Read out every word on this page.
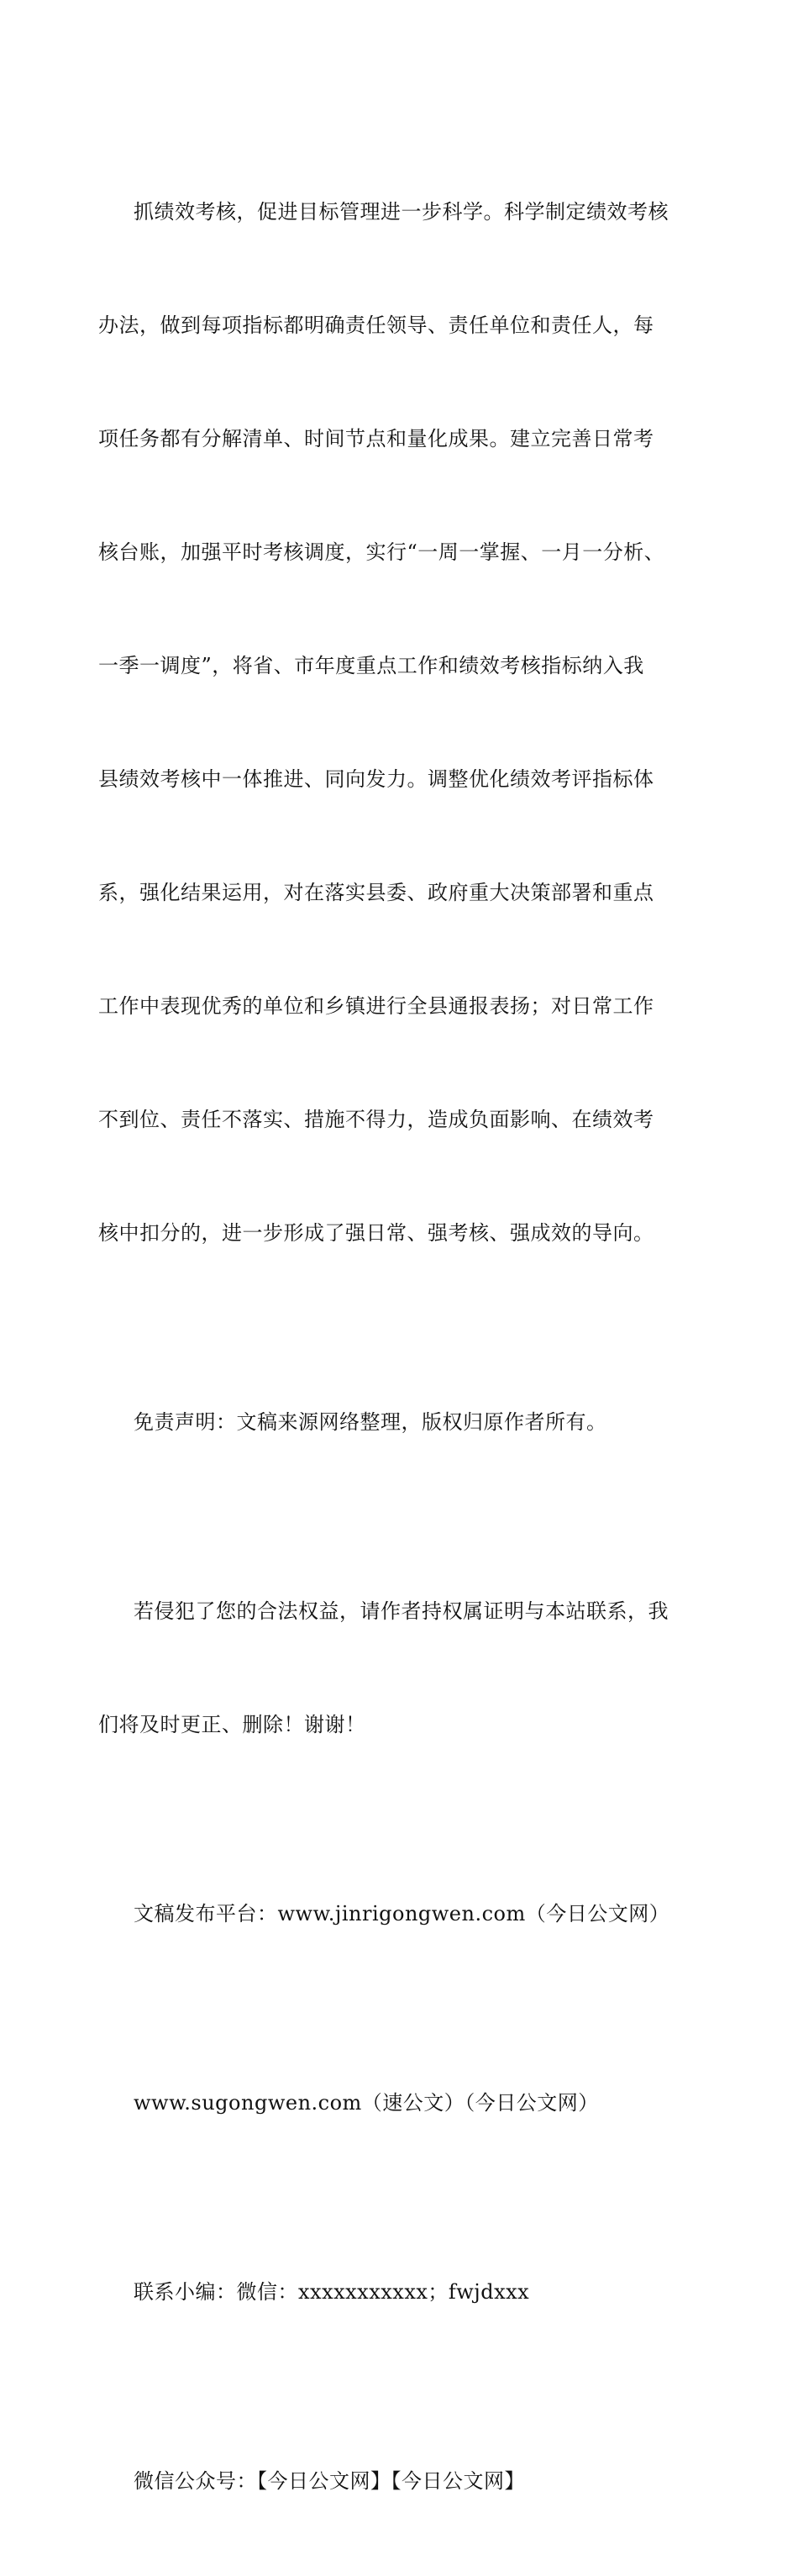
抓绩效考核，促进目标管理进一步科学。科学制定绩效考核

办法，做到每项指标都明确责任领导、责任单位和责任人，每

项任务都有分解清单、时间节点和量化成果。建立完善日常考

核台账，加强平时考核调度，实行“一周一掌握、一月一分析、

一季一调度”，将省、市年度重点工作和绩效考核指标纳入我

县绩效考核中一体推进、同向发力。调整优化绩效考评指标体

系，强化结果运用，对在落实县委、政府重大决策部署和重点

工作中表现优秀的单位和乡镇进行全县通报表扬；对日常工作

不到位、责任不落实、措施不得力，造成负面影响、在绩效考

核中扣分的，进一步形成了强日常、强考核、强成效的导向。

免责声明：文稿来源网络整理，版权归原作者所有。

若侵犯了您的合法权益，请作者持权属证明与本站联系，我

们将及时更正、删除！谢谢！

文稿发布平台：www.jinrigongwen.com（今日公文网）

www.sugongwen.com（速公文）（今日公文网）

联系小编：微信：xxxxxxxxxxx；fwjdxxx

微信公众号：【今日公文网】【今日公文网】
